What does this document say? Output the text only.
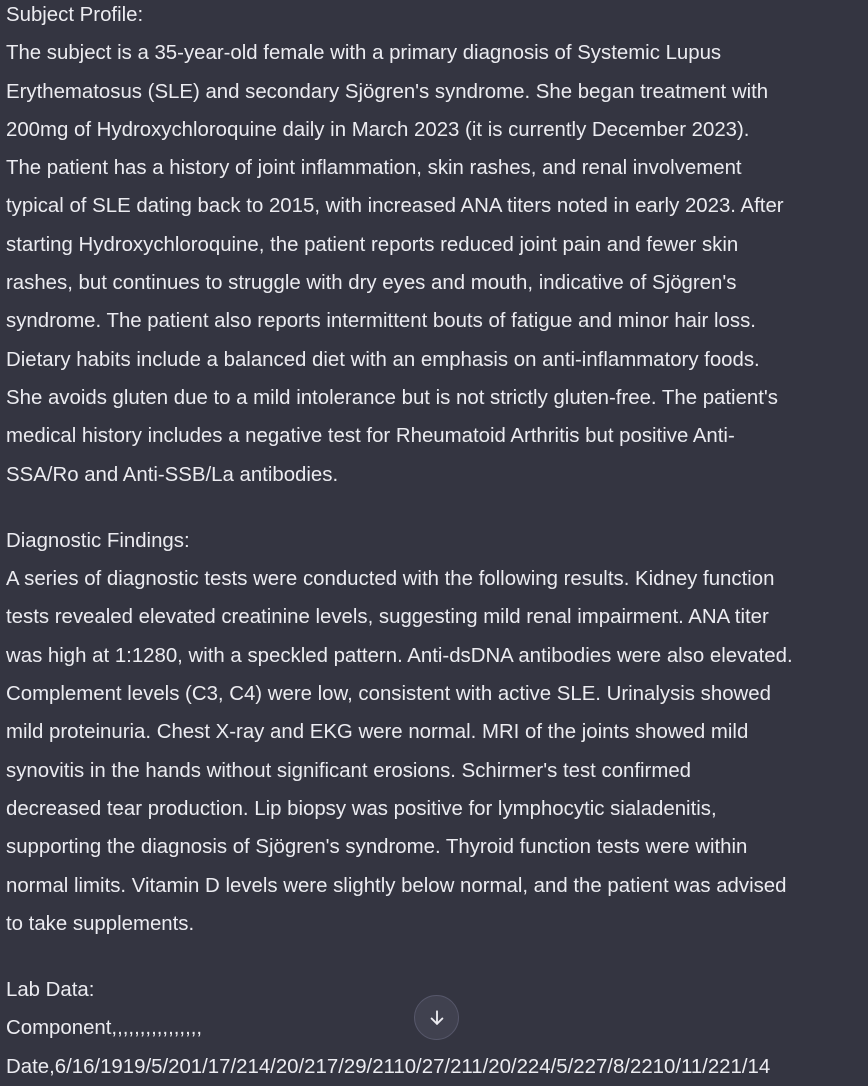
Subject Profile:
The subject is a 35-year-old female with a primary diagnosis of Systemic Lupus
Erythematosus (SLE) and secondary Sjögren's syndrome. She began treatment with
200mg of Hydroxychloroquine daily in March 2023 (it is currently December 2023).
The patient has a history of joint inflammation, skin rashes, and renal involvement
typical of SLE dating back to 2015, with increased ANA titers noted in early 2023. After
starting Hydroxychloroquine, the patient reports reduced joint pain and fewer skin
rashes, but continues to struggle with dry eyes and mouth, indicative of Sjögren's
syndrome. The patient also reports intermittent bouts of fatigue and minor hair loss.
Dietary habits include a balanced diet with an emphasis on anti-inflammatory foods.
She avoids gluten due to a mild intolerance but is not strictly gluten-free. The patient's
medical history includes a negative test for Rheumatoid Arthritis but positive Anti-
SSA/Ro and Anti-SSB/La antibodies.
Diagnostic Findings:
A series of diagnostic tests were conducted with the following results. Kidney function
tests revealed elevated creatinine levels, suggesting mild renal impairment. ANA titer
was high at 1:1280, with a speckled pattern. Anti-dsDNA antibodies were also elevated.
Complement levels (C3, C4) were low, consistent with active SLE. Urinalysis showed
mild proteinuria. Chest X-ray and EKG were normal. MRI of the joints showed mild
synovitis in the hands without significant erosions. Schirmer's test confirmed
decreased tear production. Lip biopsy was positive for lymphocytic sialadenitis,
supporting the diagnosis of Sjögren's syndrome. Thyroid function tests were within
normal limits. Vitamin D levels were slightly below normal, and the patient was advised
to take supplements.
Lab Data:
Component,,,,,,,,,,,,,,,,
Date,6/16/1919/5/201/17/214/20/217/29/2110/27/211/20/224/5/227/8/2210/11/221/14
